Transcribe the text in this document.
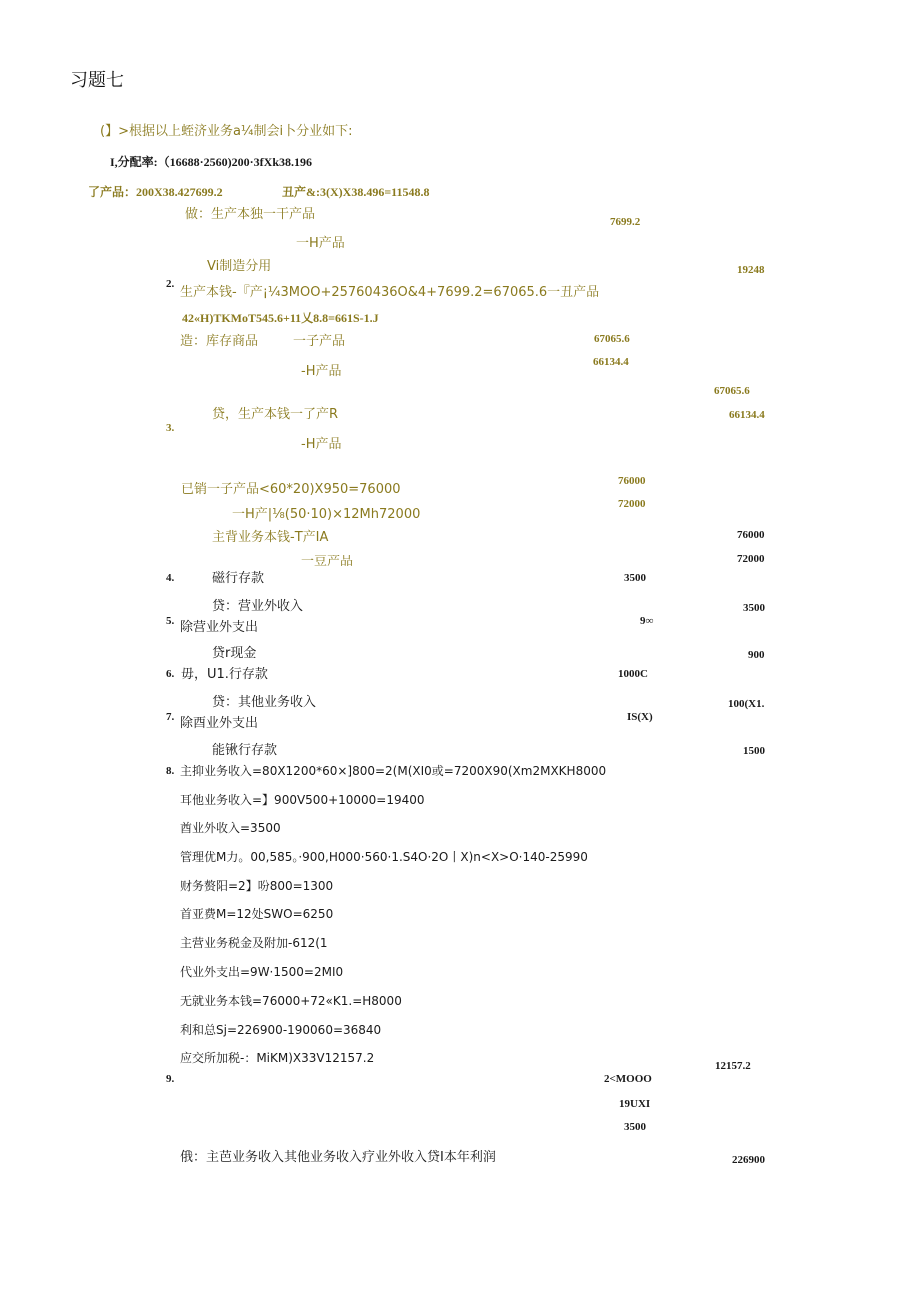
习题七
(】>根据以上蛭济业务a¼制会i卜分业如下:
I,分配率:（16688·2560)200·3fXk38.196
了产品：200X38.427699.2	丑产&:3(X)X38.496=11548.8
做：生产本独一干产品	7699.2
一H产品
Vi制造分用	19248
2.
生产本钱-『产¡¼3MOO+25760436O&4+7699.2=67065.6一丑产品
42«H)TKMoT545.6+11乂8.8=661S-1.J
造：库存商品	一子产品	67065.6
-H产品
66134.4
67065.6
贷，生产本钱一了产R	66134.4
3.
-H产品
已销一子产品<60*20)X950=76000
76000
一H产|⅛(50·10)×12Mh72000
72000
主背业务本钱-T产IA	76000
一豆产品	72000
4.	磁行存款	3500
贷：营业外收入	3500
5. 除营业外支出	9∞
贷r现金	900
6. 毋，U1.行存款	1000C
贷：其他业务收入	100(X1.
7. 除酉业外支出	IS(X)
能锹行存款	1500
8. 主抑业务收入=80X1200*60×]800=2(M(XI0或=7200X90(Xm2MXKH8000
耳他业务收入=】900V500+10000=19400
酋业外收入=3500
管理优M力。00,585。·900,H000·560·1.S4O·2O丨X)n<X>O·140-25990
财务赘阳=2】吩800=1300
首亚费M=12处SWO=6250
主营业务税金及附加-612(1
代业外支出=9W·1500=2MI0
无就业务本钱=76000+72«K1.=H8000
利和总Sj=226900-190060=36840
应交所加税-：MiKM)X33V12157.2
12157.2
9.	2<MOOO
19UXI
3500
俄：主芭业务收入其他业务收入疗业外收入贷I本年利润	226900
